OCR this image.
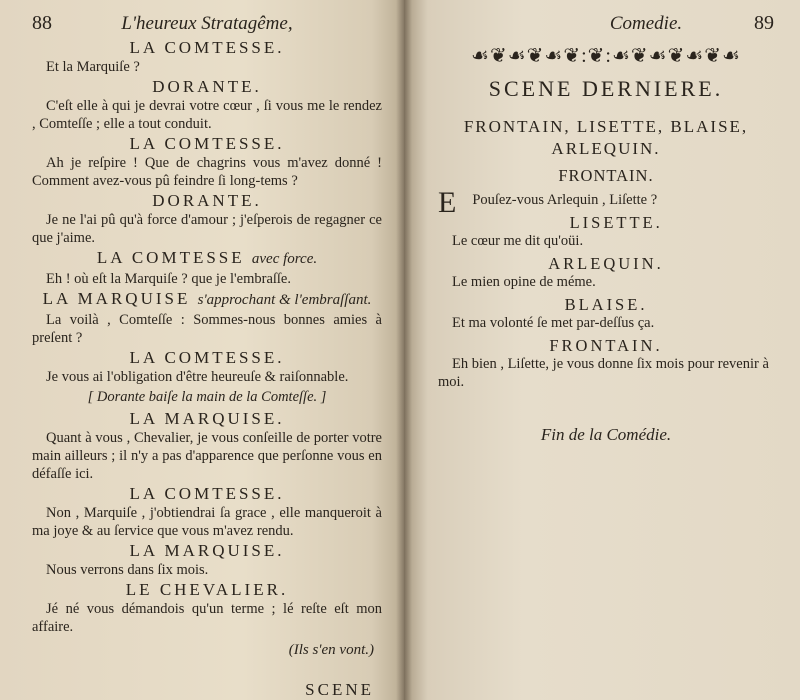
88	L'heureux Stratagême,
LA COMTESSE.

Et la Marquiſe ?

DORANTE.

C'eſt elle à qui je devrai votre cœur , ſi vous me le rendez , Comteſſe ; elle a tout conduit.

LA COMTESSE.

Ah je reſpire ! Que de chagrins vous m'avez donné ! Comment avez-vous pû feindre ſi long-tems ?

DORANTE.

Je ne l'ai pû qu'à force d'amour ; j'eſperois de regagner ce que j'aime.

LA COMTESSE avec force.

Eh ! où eſt la Marquiſe ? que je l'embraſſe.

LA MARQUISE s'approchant & l'embraſſant.

La voilà , Comteſſe : Sommes-nous bonnes amies à preſent ?

LA COMTESSE.

Je vous ai l'obligation d'être heureuſe & raiſonnable.

[ Dorante baiſe la main de la Comteſſe. ]
LA MARQUISE.

Quant à vous , Chevalier, je vous conſeille de porter votre main ailleurs ; il n'y a pas d'apparence que perſonne vous en défaſſe ici.

LA COMTESSE.

Non , Marquiſe , j'obtiendrai ſa grace , elle manqueroit à ma joye & au ſervice que vous m'avez rendu.

LA MARQUISE.

Nous verrons dans ſix mois.

LE CHEVALIER.

Jé né vous démandois qu'un terme ; lé reſte eſt mon affaire.

(Ils s'en vont.)
SCENE
Comedie.	89
☙❦☙❦☙❦:❦:☙❦☙❦☙❦☙
SCENE DERNIERE.
FRONTAIN, LISETTE, BLAISE, ARLEQUIN.
FRONTAIN.

E Pouſez-vous Arlequin , Liſette ?

LISETTE.

Le cœur me dit qu'oüi.

ARLEQUIN.

Le mien opine de méme.

BLAISE.

Et ma volonté ſe met par-deſſus ça.

FRONTAIN.

Eh bien , Liſette, je vous donne ſix mois pour revenir à moi.

Fin de la Comédie.
